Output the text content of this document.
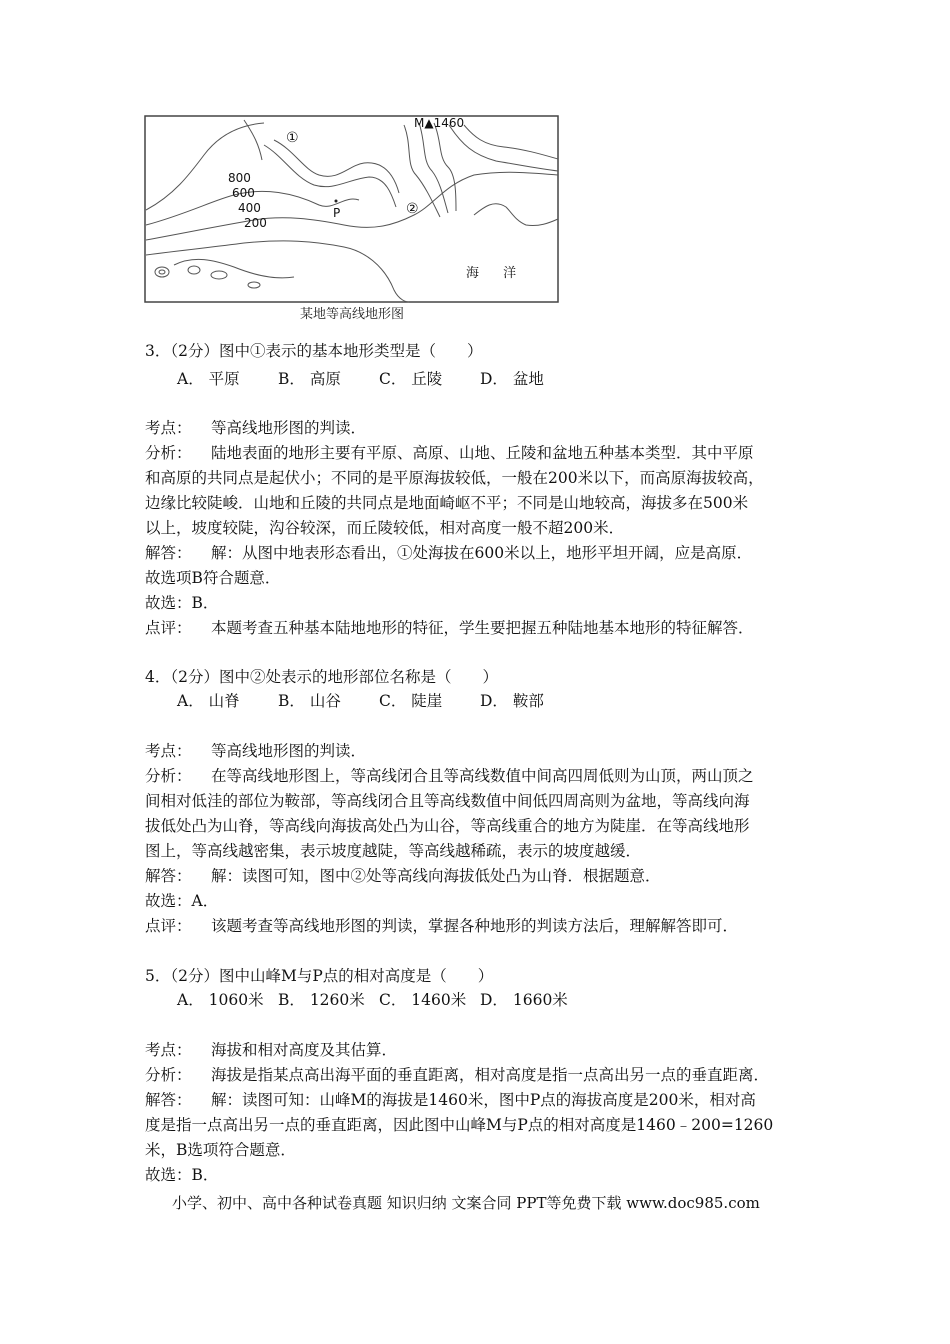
①
M▲1460
②
P
800
600
400
200
海 洋
某地等高线地形图
3．（2分）图中①表示的基本地形类型是（　　）
A． 平原 B． 高原 C． 丘陵 D． 盆地
考点： 等高线地形图的判读．
分析： 陆地表面的地形主要有平原、高原、山地、丘陵和盆地五种基本类型．其中平原
和高原的共同点是起伏小；不同的是平原海拔较低，一般在200米以下，而高原海拔较高，
边缘比较陡峻．山地和丘陵的共同点是地面崎岖不平；不同是山地较高，海拔多在500米
以上，坡度较陡，沟谷较深，而丘陵较低，相对高度一般不超200米．
解答： 解：从图中地表形态看出，①处海拔在600米以上，地形平坦开阔，应是高原．
故选项B符合题意．
故选：B．
点评： 本题考查五种基本陆地地形的特征，学生要把握五种陆地基本地形的特征解答．
4．（2分）图中②处表示的地形部位名称是（　　）
A． 山脊 B． 山谷 C． 陡崖 D． 鞍部
考点： 等高线地形图的判读．
分析： 在等高线地形图上，等高线闭合且等高线数值中间高四周低则为山顶，两山顶之
间相对低洼的部位为鞍部，等高线闭合且等高线数值中间低四周高则为盆地，等高线向海
拔低处凸为山脊，等高线向海拔高处凸为山谷，等高线重合的地方为陡崖．在等高线地形
图上，等高线越密集，表示坡度越陡，等高线越稀疏，表示的坡度越缓．
解答： 解：读图可知，图中②处等高线向海拔低处凸为山脊．根据题意．
故选：A．
点评： 该题考查等高线地形图的判读，掌握各种地形的判读方法后，理解解答即可．
5．（2分）图中山峰M与P点的相对高度是（　　）
A． 1060米 B． 1260米 C． 1460米 D． 1660米
考点： 海拔和相对高度及其估算．
分析： 海拔是指某点高出海平面的垂直距离，相对高度是指一点高出另一点的垂直距离．
解答： 解：读图可知：山峰M的海拔是1460米，图中P点的海拔高度是200米，相对高
度是指一点高出另一点的垂直距离，因此图中山峰M与P点的相对高度是1460﹣200=1260
米，B选项符合题意．
故选：B．
小学、初中、高中各种试卷真题 知识归纳 文案合同 PPT等免费下载 www.doc985.com
